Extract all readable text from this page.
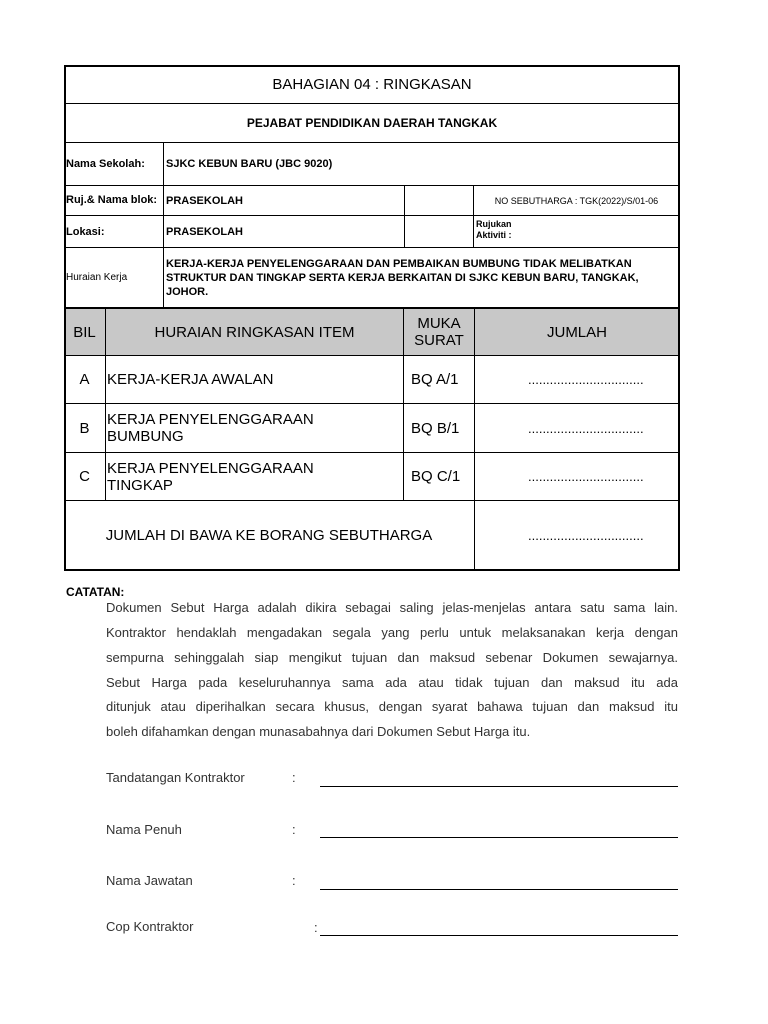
BAHAGIAN 04 : RINGKASAN
PEJABAT PENDIDIKAN DAERAH TANGKAK
Nama Sekolah:	SJKC KEBUN BARU (JBC 9020)
Ruj.& Nama blok: PRASEKOLAH	NO SEBUTHARGA : TGK(2022)/S/01-06
Lokasi:	PRASEKOLAH
Rujukan Aktiviti :
Huraian Kerja
KERJA-KERJA PENYELENGGARAAN DAN PEMBAIKAN BUMBUNG TIDAK MELIBATKAN STRUKTUR DAN TINGKAP SERTA KERJA BERKAITAN DI SJKC KEBUN BARU, TANGKAK, JOHOR.
BIL	HURAIAN RINGKASAN ITEM	MUKA SURAT	JUMLAH
A	KERJA-KERJA AWALAN	BQ A/1	................................
B	KERJA PENYELENGGARAAN BUMBUNG	BQ B/1	................................
C	KERJA PENYELENGGARAAN TINGKAP	BQ C/1	................................
JUMLAH DI BAWA KE BORANG SEBUTHARGA	................................
CATATAN:
Dokumen Sebut Harga adalah dikira sebagai saling jelas-menjelas antara satu sama lain.
Kontraktor hendaklah mengadakan segala yang perlu untuk melaksanakan kerja dengan
sempurna sehinggalah siap mengikut tujuan dan maksud sebenar Dokumen sewajarnya.
Sebut Harga pada keseluruhannya sama ada atau tidak tujuan dan maksud itu ada
ditunjuk atau diperihalkan secara khusus, dengan syarat bahawa tujuan dan maksud itu
boleh difahamkan dengan munasabahnya dari Dokumen Sebut Harga itu.
Tandatangan Kontraktor	:
Nama Penuh	:
Nama Jawatan	:
Cop Kontraktor	:
